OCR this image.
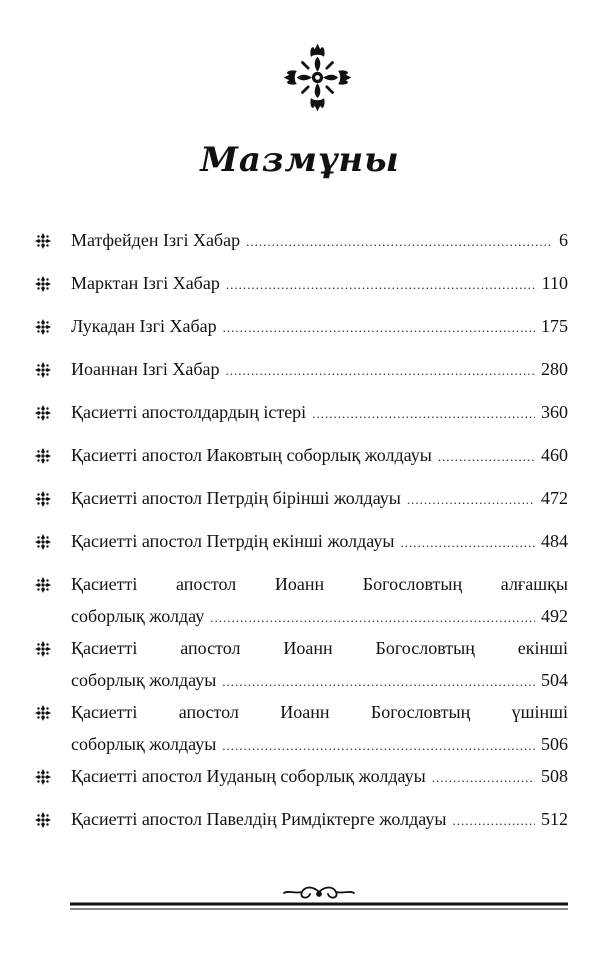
Мазмұны
Матфейден Ізгі Хабар .....	6
Марктан Ізгі Хабар .....	110
Лукадан Ізгі Хабар .....	175
Иоаннан Ізгі Хабар .....	280
Қасиетті апостолдардың істері .....	360
Қасиетті апостол Иаковтың соборлық жолдауы .....	460
Қасиетті апостол Петрдің бірінші жолдауы .....	472
Қасиетті апостол Петрдің екінші жолдауы .....	484
Қасиетті апостол Иоанн Богословтың алғашқы
соборлық жолдау .....	492
Қасиетті апостол Иоанн Богословтың екінші
соборлық жолдауы .....	504
Қасиетті апостол Иоанн Богословтың үшінші
соборлық жолдауы .....	506
Қасиетті апостол Иуданың соборлық жолдауы .....	508
Қасиетті апостол Павелдің Римдіктерге жолдауы .....	512
